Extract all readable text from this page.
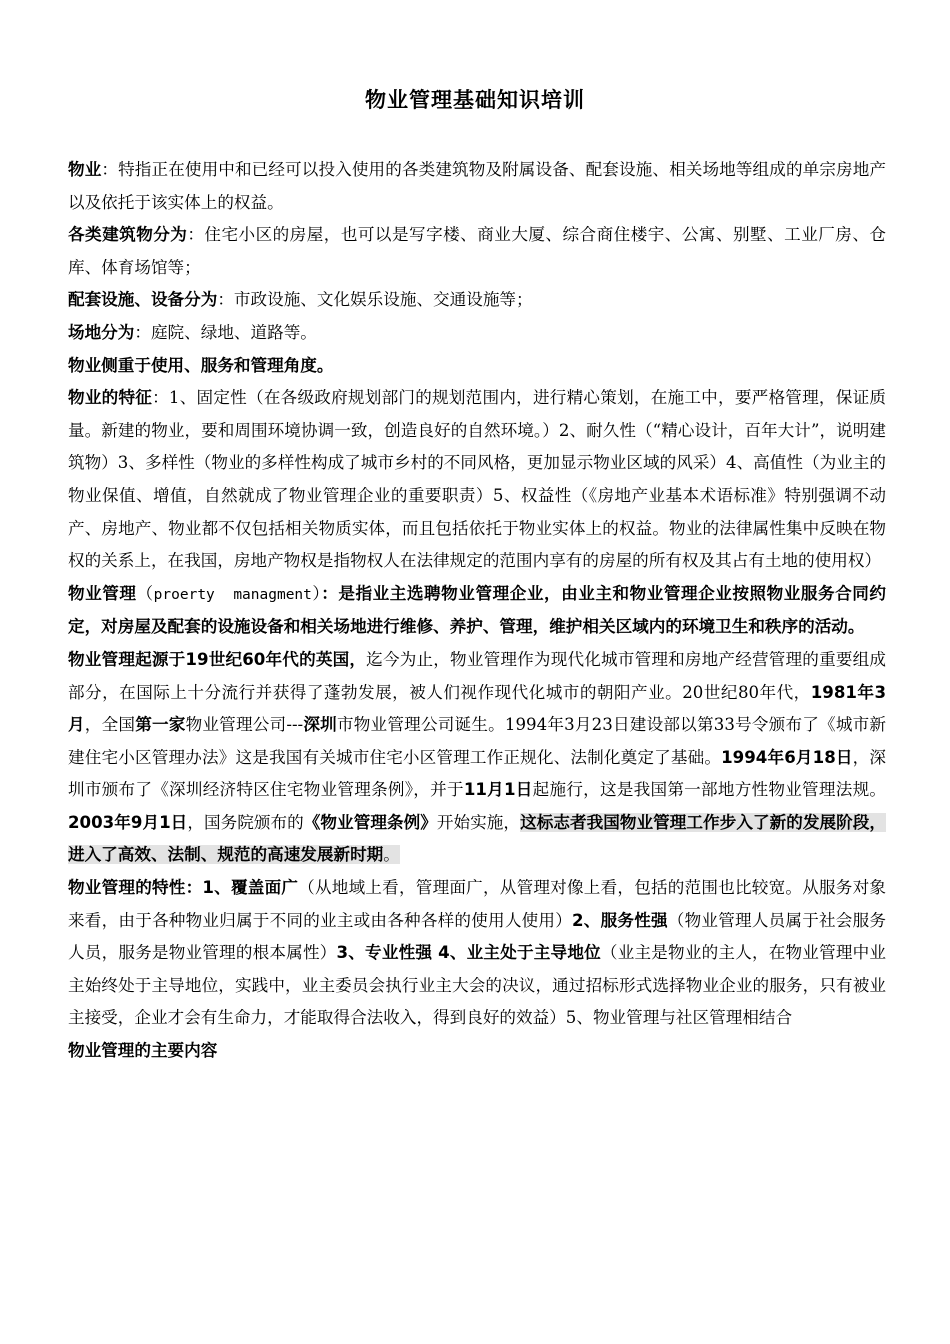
物业管理基础知识培训

物业：特指正在使用中和已经可以投入使用的各类建筑物及附属设备、配套设施、相关场地等组成的单宗房地产以及依托于该实体上的权益。

各类建筑物分为：住宅小区的房屋，也可以是写字楼、商业大厦、综合商住楼宇、公寓、别墅、工业厂房、仓库、体育场馆等；

配套设施、设备分为：市政设施、文化娱乐设施、交通设施等；

场地分为：庭院、绿地、道路等。

物业侧重于使用、服务和管理角度。

物业的特征：1、固定性（在各级政府规划部门的规划范围内，进行精心策划，在施工中，要严格管理，保证质量。新建的物业，要和周围环境协调一致，创造良好的自然环境。）2、耐久性（“精心设计，百年大计”，说明建筑物）3、多样性（物业的多样性构成了城市乡村的不同风格，更加显示物业区域的风采）4、高值性（为业主的物业保值、增值，自然就成了物业管理企业的重要职责）5、权益性（《房地产业基本术语标准》特别强调不动产、房地产、物业都不仅包括相关物质实体，而且包括依托于物业实体上的权益。物业的法律属性集中反映在物权的关系上，在我国，房地产物权是指物权人在法律规定的范围内享有的房屋的所有权及其占有土地的使用权）

物业管理（proerty  managment）：是指业主选聘物业管理企业，由业主和物业管理企业按照物业服务合同约定，对房屋及配套的设施设备和相关场地进行维修、养护、管理，维护相关区域内的环境卫生和秩序的活动。

物业管理起源于19世纪60年代的英国，迄今为止，物业管理作为现代化城市管理和房地产经营管理的重要组成部分，在国际上十分流行并获得了蓬勃发展，被人们视作现代化城市的朝阳产业。20世纪80年代，1981年3月，全国第一家物业管理公司---深圳市物业管理公司诞生。1994年3月23日建设部以第33号令颁布了《城市新建住宅小区管理办法》这是我国有关城市住宅小区管理工作正规化、法制化奠定了基础。1994年6月18日，深圳市颁布了《深圳经济特区住宅物业管理条例》，并于11月1日起施行，这是我国第一部地方性物业管理法规。2003年9月1日，国务院颁布的《物业管理条例》开始实施，这标志者我国物业管理工作步入了新的发展阶段，进入了高效、法制、规范的高速发展新时期。

物业管理的特性：1、覆盖面广（从地域上看，管理面广，从管理对像上看，包括的范围也比较宽。从服务对象来看，由于各种物业归属于不同的业主或由各种各样的使用人使用）2、服务性强（物业管理人员属于社会服务人员，服务是物业管理的根本属性）3、专业性强 4、业主处于主导地位（业主是物业的主人，在物业管理中业主始终处于主导地位，实践中，业主委员会执行业主大会的决议，通过招标形式选择物业企业的服务，只有被业主接受，企业才会有生命力，才能取得合法收入，得到良好的效益）5、物业管理与社区管理相结合

物业管理的主要内容
